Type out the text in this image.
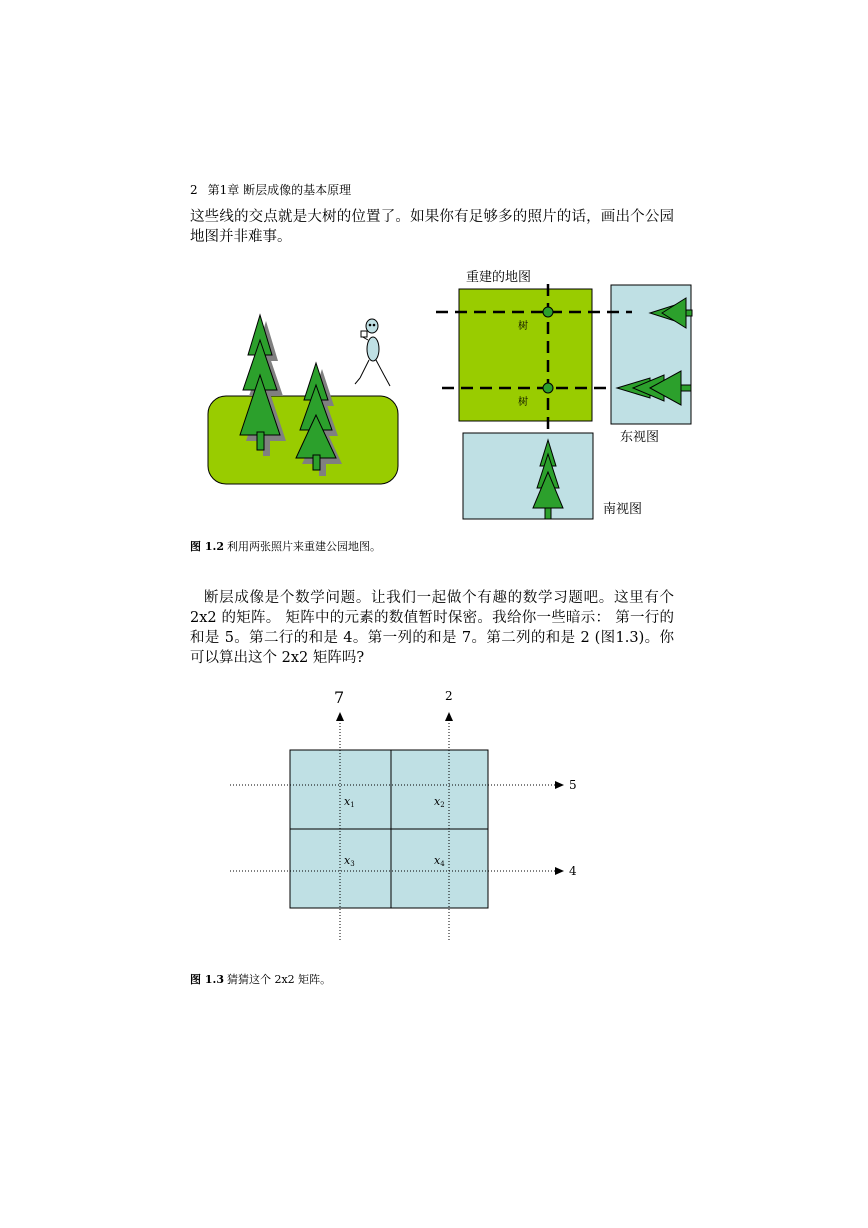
2 第1章 断层成像的基本原理
这些线的交点就是大树的位置了。如果你有足够多的照片的话，画出个公园地图并非难事。
重建的地图
树
树
东视图
南视图
图 1.2 利用两张照片来重建公园地图。
断层成像是个数学问题。让我们一起做个有趣的数学习题吧。这里有个 2x2 的矩阵。 矩阵中的元素的数值暂时保密。我给你一些暗示： 第一行的和是 5。第二行的和是 4。第一列的和是 7。第二列的和是 2 (图1.3)。你可以算出这个 2x2 矩阵吗?
7	2
5
4
x1	x2
x3	x4
图 1.3 猜猜这个 2x2 矩阵。
